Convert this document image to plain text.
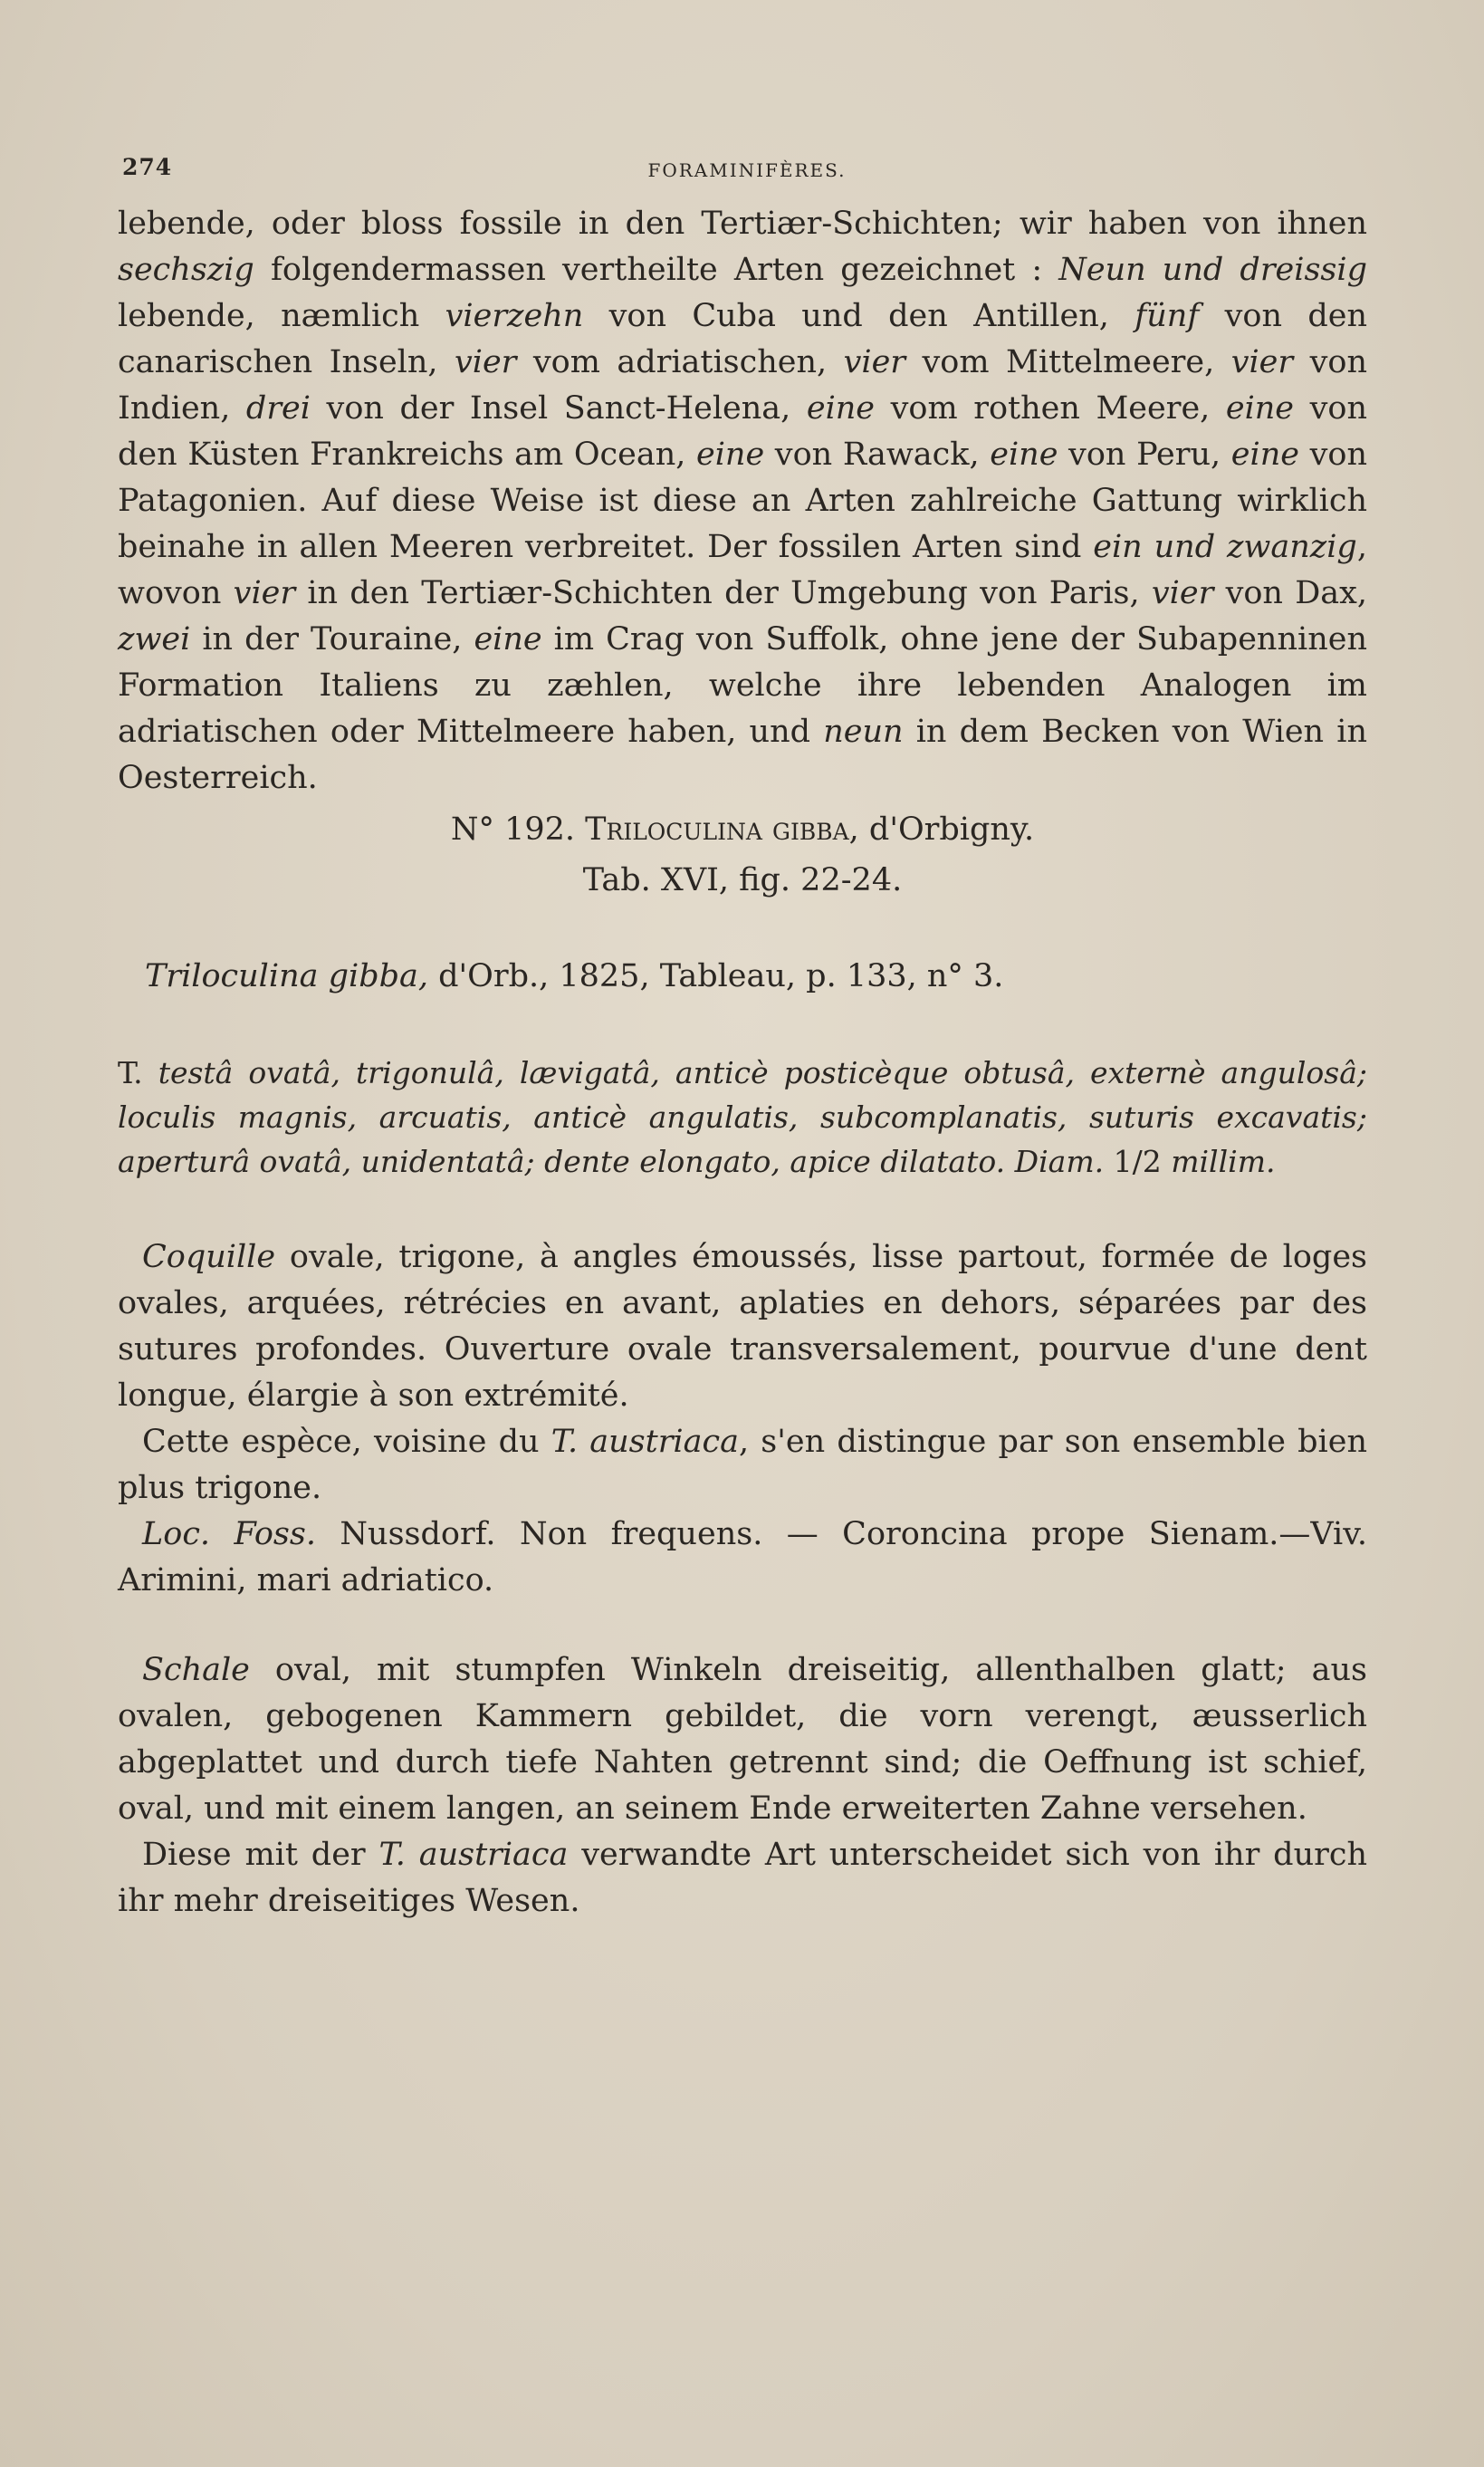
274	FORAMINIFÈRES.

lebende, oder bloss fossile in den Tertiær-Schichten; wir haben von ihnen sechszig folgendermassen vertheilte Arten gezeichnet : Neun und dreissig lebende, næmlich vierzehn von Cuba und den Antillen, fünf von den canarischen Inseln, vier vom adriatischen, vier vom Mittelmeere, vier von Indien, drei von der Insel Sanct-Helena, eine vom rothen Meere, eine von den Küsten Frankreichs am Ocean, eine von Rawack, eine von Peru, eine von Patagonien. Auf diese Weise ist diese an Arten zahlreiche Gattung wirklich beinahe in allen Meeren verbreitet. Der fossilen Arten sind ein und zwanzig, wovon vier in den Tertiær-Schichten der Umgebung von Paris, vier von Dax, zwei in der Touraine, eine im Crag von Suffolk, ohne jene der Subapenninen Formation Italiens zu zæhlen, welche ihre lebenden Analogen im adriatischen oder Mittelmeere haben, und neun in dem Becken von Wien in Oesterreich.

N° 192. Triloculina gibba, d'Orbigny.
Tab. XVI, fig. 22-24.

Triloculina gibba, d'Orb., 1825, Tableau, p. 133, n° 3.

T. testâ ovatâ, trigonulâ, lævigatâ, anticè posticèque obtusâ, externè angulosâ; loculis magnis, arcuatis, anticè angulatis, subcomplanatis, suturis excavatis; aperturâ ovatâ, unidentatâ; dente elongato, apice dilatato. Diam. 1/2 millim.

Coquille ovale, trigone, à angles émoussés, lisse partout, formée de loges ovales, arquées, rétrécies en avant, aplaties en dehors, séparées par des sutures profondes. Ouverture ovale transversalement, pourvue d'une dent longue, élargie à son extrémité.

Cette espèce, voisine du T. austriaca, s'en distingue par son ensemble bien plus trigone.

Loc. Foss. Nussdorf. Non frequens. — Coroncina prope Sienam.—Viv. Arimini, mari adriatico.

Schale oval, mit stumpfen Winkeln dreiseitig, allenthalben glatt; aus ovalen, gebogenen Kammern gebildet, die vorn verengt, æusserlich abgeplattet und durch tiefe Nahten getrennt sind; die Oeffnung ist schief, oval, und mit einem langen, an seinem Ende erweiterten Zahne versehen.

Diese mit der T. austriaca verwandte Art unterscheidet sich von ihr durch ihr mehr dreiseitiges Wesen.
